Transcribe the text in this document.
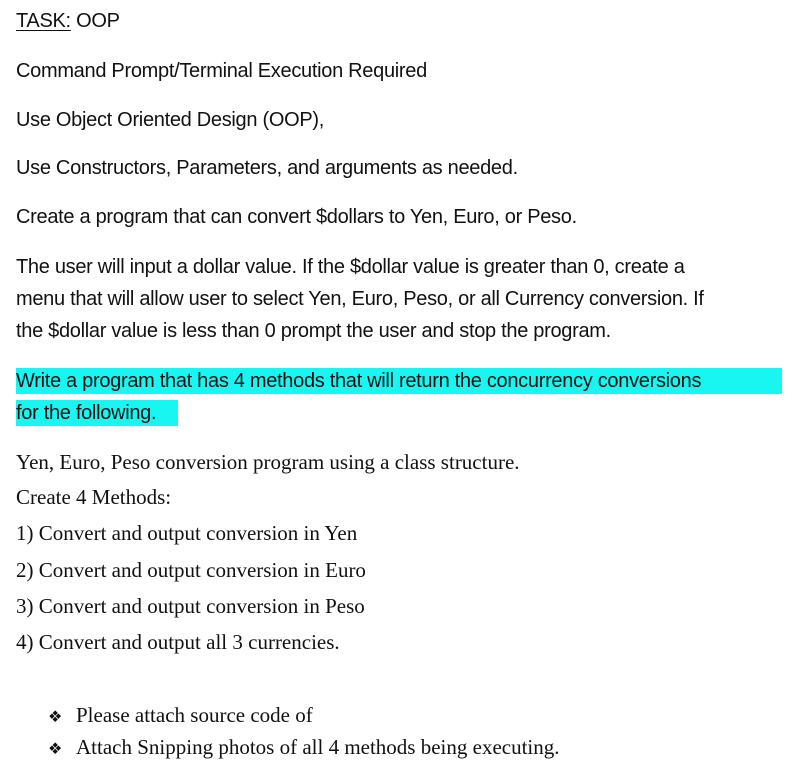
TASK: OOP
Command Prompt/Terminal Execution Required
Use Object Oriented Design (OOP),
Use Constructors, Parameters, and arguments as needed.
Create a program that can convert $dollars to Yen, Euro, or Peso.
The user will input a dollar value. If the $dollar value is greater than 0, create a
menu that will allow user to select Yen, Euro, Peso, or all Currency conversion. If
the $dollar value is less than 0 prompt the user and stop the program.
Write a program that has 4 methods that will return the concurrency conversions
for the following.
Yen, Euro, Peso conversion program using a class structure.
Create 4 Methods:
1) Convert and output conversion in Yen
2) Convert and output conversion in Euro
3) Convert and output conversion in Peso
4) Convert and output all 3 currencies.
❖ Please attach source code of
❖ Attach Snipping photos of all 4 methods being executing.
